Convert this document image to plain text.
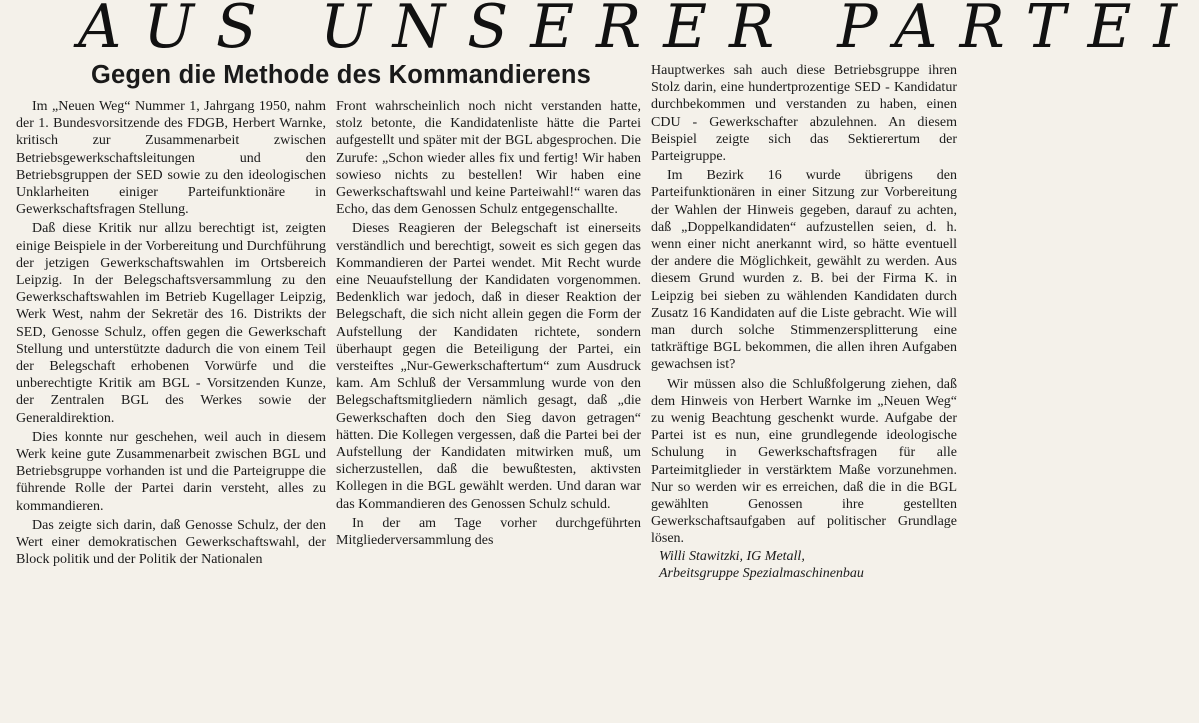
AUS UNSERER PARTEI
Gegen die Methode des Kommandierens

Im „Neuen Weg“ Nummer 1, Jahrgang 1950, nahm der 1. Bundesvorsitzende des FDGB, Herbert Warnke, kritisch zur Zusammenarbeit zwischen Betriebsgewerkschaftsleitungen und den Betriebsgruppen der SED sowie zu den ideologischen Unklarheiten einiger Parteifunktionäre in Gewerkschaftsfragen Stellung.

Daß diese Kritik nur allzu berechtigt ist, zeigten einige Beispiele in der Vorbereitung und Durchführung der jetzigen Gewerkschaftswahlen im Ortsbereich Leipzig. In der Belegschaftsversammlung zu den Gewerkschaftswahlen im Betrieb Kugellager Leipzig, Werk West, nahm der Sekretär des 16. Distrikts der SED, Genosse Schulz, offen gegen die Gewerkschaft Stellung und unterstützte dadurch die von einem Teil der Belegschaft erhobenen Vorwürfe und die unberechtigte Kritik am BGL - Vorsitzenden Kunze, der Zentralen BGL des Werkes sowie der Generaldirektion.

Dies konnte nur geschehen, weil auch in diesem Werk keine gute Zusammenarbeit zwischen BGL und Betriebsgruppe vorhanden ist und die Parteigruppe die führende Rolle der Partei darin versteht, alles zu kommandieren.

Das zeigte sich darin, daß Genosse Schulz, der den Wert einer demokratischen Gewerkschaftswahl, der Block politik und der Politik der Nationalen

Front wahrscheinlich noch nicht verstanden hatte, stolz betonte, die Kandidatenliste hätte die Partei aufgestellt und später mit der BGL abgesprochen. Die Zurufe: „Schon wieder alles fix und fertig! Wir haben sowieso nichts zu bestellen! Wir haben eine Gewerkschaftswahl und keine Parteiwahl!“ waren das Echo, das dem Genossen Schulz entgegenschallte.

Dieses Reagieren der Belegschaft ist einerseits verständlich und berechtigt, soweit es sich gegen das Kommandieren der Partei wendet. Mit Recht wurde eine Neuaufstellung der Kandidaten vorgenommen. Bedenklich war jedoch, daß in dieser Reaktion der Belegschaft, die sich nicht allein gegen die Form der Aufstellung der Kandidaten richtete, sondern überhaupt gegen die Beteiligung der Partei, ein versteiftes „Nur-Gewerkschaftertum“ zum Ausdruck kam. Am Schluß der Versammlung wurde von den Belegschaftsmitgliedern nämlich gesagt, daß „die Gewerkschaften doch den Sieg davon getragen“ hätten. Die Kollegen vergessen, daß die Partei bei der Aufstellung der Kandidaten mitwirken muß, um sicherzustellen, daß die bewußtesten, aktivsten Kollegen in die BGL gewählt werden. Und daran war das Kommandieren des Genossen Schulz schuld.

In der am Tage vorher durchgeführten Mitgliederversammlung des

Hauptwerkes sah auch diese Betriebsgruppe ihren Stolz darin, eine hundertprozentige SED - Kandidatur durchbekommen und verstanden zu haben, einen CDU - Gewerkschafter abzulehnen. An diesem Beispiel zeigte sich das Sektierertum der Parteigruppe.

Im Bezirk 16 wurde übrigens den Parteifunktionären in einer Sitzung zur Vorbereitung der Wahlen der Hinweis gegeben, darauf zu achten, daß „Doppelkandidaten“ aufzustellen seien, d. h. wenn einer nicht anerkannt wird, so hätte eventuell der andere die Möglichkeit, gewählt zu werden. Aus diesem Grund wurden z. B. bei der Firma K. in Leipzig bei sieben zu wählenden Kandidaten durch Zusatz 16 Kandidaten auf die Liste gebracht. Wie will man durch solche Stimmenzersplitterung eine tatkräftige BGL bekommen, die allen ihren Aufgaben gewachsen ist?

Wir müssen also die Schlußfolgerung ziehen, daß dem Hinweis von Herbert Warnke im „Neuen Weg“ zu wenig Beachtung geschenkt wurde. Aufgabe der Partei ist es nun, eine grundlegende ideologische Schulung in Gewerkschaftsfragen für alle Parteimitglieder in verstärktem Maße vorzunehmen. Nur so werden wir es erreichen, daß die in die BGL gewählten Genossen ihre gestellten Gewerkschaftsaufgaben auf politischer Grundlage lösen.

Willi Stawitzki, IG Metall,

Arbeitsgruppe Spezialmaschinenbau
